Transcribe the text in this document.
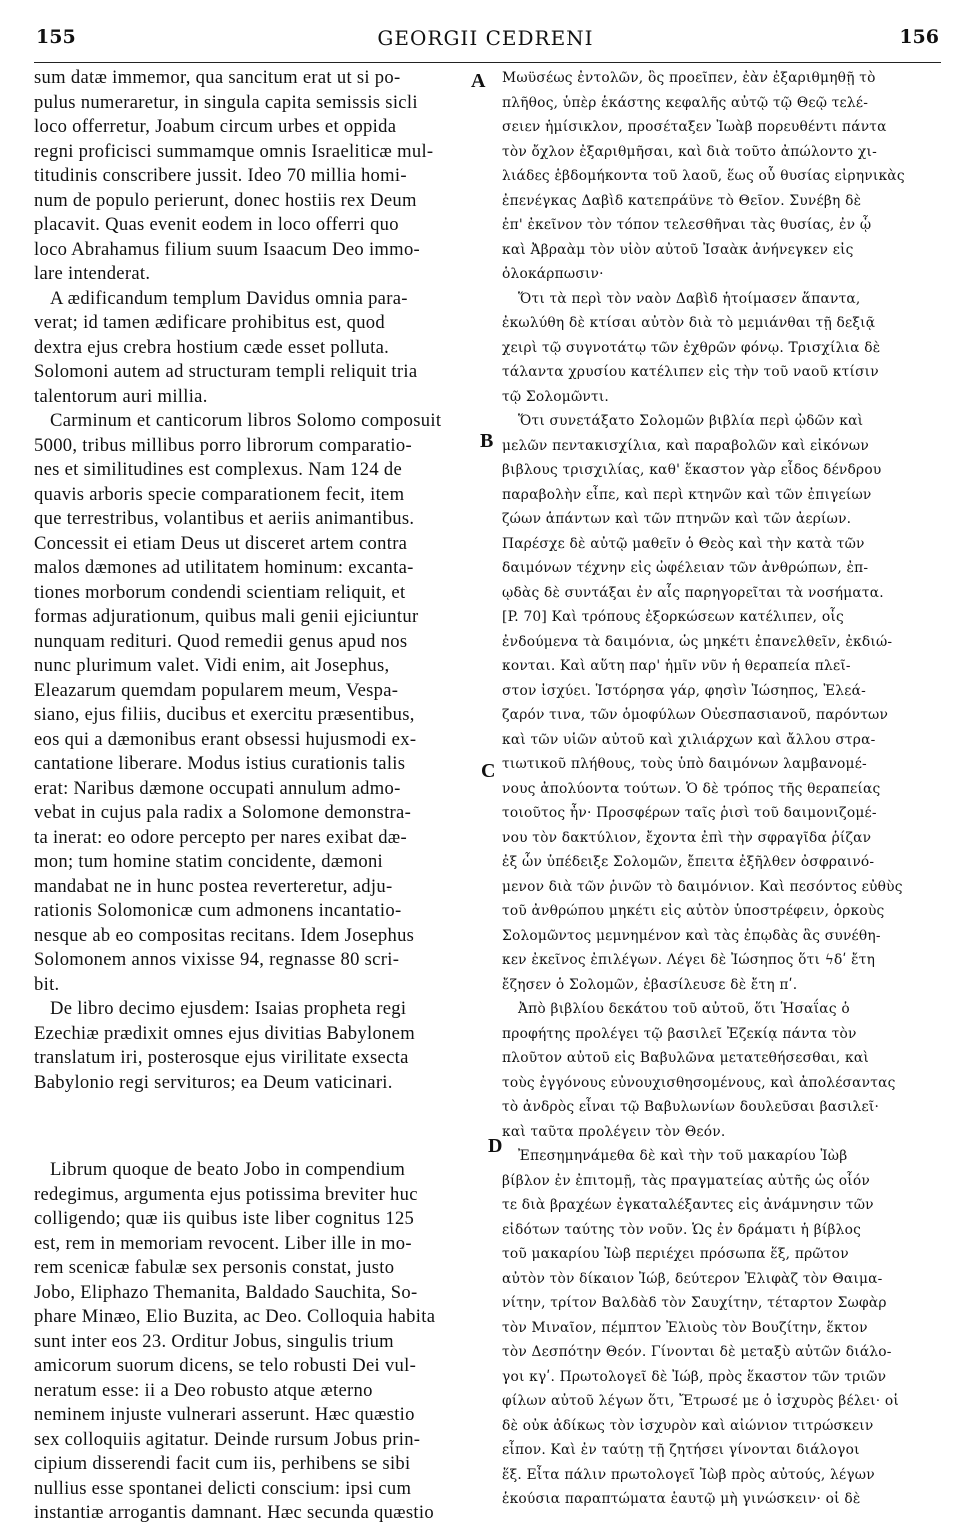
155	GEORGII CEDRENI	156
sum datæ immemor, qua sancitum erat ut si po-
pulus numeraretur, in singula capita semissis sicli
loco offerretur, Joabum circum urbes et oppida
regni proficisci summamque omnis Israeliticæ mul-
titudinis conscribere jussit. Ideo 70 millia homi-
num de populo perierunt, donec hostiis rex Deum
placavit. Quas evenit eodem in loco offerri quo
loco Abrahamus filium suum Isaacum Deo immo-
lare intenderat.
A ædificandum templum Davidus omnia para-
verat; id tamen ædificare prohibitus est, quod
dextra ejus crebra hostium cæde esset polluta.
Solomoni autem ad structuram templi reliquit tria
talentorum auri millia.
Carminum et canticorum libros Solomo composuit
5000, tribus millibus porro librorum comparatio-
nes et similitudines est complexus. Nam 124 de
quavis arboris specie comparationem fecit, item
que terrestribus, volantibus et aeriis animantibus.
Concessit ei etiam Deus ut disceret artem contra
malos dæmones ad utilitatem hominum: excanta-
tiones morborum condendi scientiam reliquit, et
formas adjurationum, quibus mali genii ejiciuntur
nunquam redituri. Quod remedii genus apud nos
nunc plurimum valet. Vidi enim, ait Josephus,
Eleazarum quemdam popularem meum, Vespa-
siano, ejus filiis, ducibus et exercitu præsentibus,
eos qui a dæmonibus erant obsessi hujusmodi ex-
cantatione liberare. Modus istius curationis talis
erat: Naribus dæmone occupati annulum admo-
vebat in cujus pala radix a Solomone demonstra-
ta inerat: eo odore percepto per nares exibat dæ-
mon; tum homine statim concidente, dæmoni
mandabat ne in hunc postea reverteretur, adju-
rationis Solomonicæ cum admonens incantatio-
nesque ab eo compositas recitans. Idem Josephus
Solomonem annos vixisse 94, regnasse 80 scri-
bit.
De libro decimo ejusdem: Isaias propheta regi
Ezechiæ prædixit omnes ejus divitias Babylonem
translatum iri, posterosque ejus virilitate exsecta
Babylonio regi servituros; ea Deum vaticinari.
Librum quoque de beato Jobo in compendium
redegimus, argumenta ejus potissima breviter huc
colligendo; quæ iis quibus iste liber cognitus 125
est, rem in memoriam revocent. Liber ille in mo-
rem scenicæ fabulæ sex personis constat, justo
Jobo, Eliphazo Themanita, Baldado Sauchita, So-
phare Minæo, Elio Buzita, ac Deo. Colloquia habita
sunt inter eos 23. Orditur Jobus, singulis trium
amicorum suorum dicens, se telo robusti Dei vul-
neratum esse: ii a Deo robusto atque æterno
neminem injuste vulnerari asserunt. Hæc quæstio
sex colloquiis agitatur. Deinde rursum Jobus prin-
cipium disserendi facit cum iis, perhibens se sibi
nullius esse spontanei delicti conscium: ipsi cum
instantiæ arrogantis damnant. Hæc secunda quæstio
Μωϋσέως ἐντολῶν, ὃς προεῖπεν, ἐὰν ἐξαριθμηθῇ τὸ
πλῆθος, ὑπὲρ ἑκάστης κεφαλῆς αὐτῷ τῷ Θεῷ τελέ-
σειεν ἡμίσικλον, προσέταξεν Ἰωὰβ πορευθέντι πάντα
τὸν ὄχλον ἐξαριθμῆσαι, καὶ διὰ τοῦτο ἀπώλοντο χι-
λιάδες ἑβδομήκοντα τοῦ λαοῦ, ἕως οὗ θυσίας εἰρηνικὰς
ἐπενέγκας Δαβὶδ κατεπράϋνε τὸ Θεῖον. Συνέβη δὲ
ἐπ' ἐκεῖνον τὸν τόπον τελεσθῆναι τὰς θυσίας, ἐν ᾧ
καὶ Ἀβραὰμ τὸν υἱὸν αὐτοῦ Ἰσαὰκ ἀνήνεγκεν εἰς
ὁλοκάρπωσιν·
Ὅτι τὰ περὶ τὸν ναὸν Δαβὶδ ἡτοίμασεν ἅπαντα,
ἐκωλύθη δὲ κτίσαι αὐτὸν διὰ τὸ μεμιάνθαι τῇ δεξιᾷ
χειρὶ τῷ συγνοτάτῳ τῶν ἐχθρῶν φόνῳ. Τρισχίλια δὲ
τάλαντα χρυσίου κατέλιπεν εἰς τὴν τοῦ ναοῦ κτίσιν
τῷ Σολομῶντι.
Ὅτι συνετάξατο Σολομῶν βιβλία περὶ ᾠδῶν καὶ
μελῶν πεντακισχίλια, καὶ παραβολῶν καὶ εἰκόνων
βιβλους τρισχιλίας, καθ' ἕκαστον γὰρ εἶδος δένδρου
παραβολὴν εἶπε, καὶ περὶ κτηνῶν καὶ τῶν ἐπιγείων
ζώων ἁπάντων καὶ τῶν πτηνῶν καὶ τῶν ἀερίων.
Παρέσχε δὲ αὐτῷ μαθεῖν ὁ Θεὸς καὶ τὴν κατὰ τῶν
δαιμόνων τέχνην εἰς ὠφέλειαν τῶν ἀνθρώπων, ἐπ-
ῳδὰς δὲ συντάξαι ἐν αἷς παρηγορεῖται τὰ νοσήματα.
[P. 70] Καὶ τρόπους ἐξορκώσεων κατέλιπεν, οἷς
ἐνδούμενα τὰ δαιμόνια, ὡς μηκέτι ἐπανελθεῖν, ἐκδιώ-
κονται. Καὶ αὕτη παρ' ἡμῖν νῦν ἡ θεραπεία πλεῖ-
στον ἰσχύει. Ἱστόρησα γάρ, φησὶν Ἰώσηπος, Ἐλεά-
ζαρόν τινα, τῶν ὁμοφύλων Οὐεσπασιανοῦ, παρόντων
καὶ τῶν υἱῶν αὐτοῦ καὶ χιλιάρχων καὶ ἄλλου στρα-
τιωτικοῦ πλήθους, τοὺς ὑπὸ δαιμόνων λαμβανομέ-
νους ἀπολύοντα τούτων. Ὁ δὲ τρόπος τῆς θεραπείας
τοιοῦτος ἦν· Προσφέρων ταῖς ῥισὶ τοῦ δαιμονιζομέ-
νου τὸν δακτύλιον, ἔχοντα ἐπὶ τὴν σφραγῖδα ῥίζαν
ἐξ ὧν ὑπέδειξε Σολομῶν, ἔπειτα ἐξῆλθεν ὀσφραινό-
μενον διὰ τῶν ῥινῶν τὸ δαιμόνιον. Καὶ πεσόντος εὐθὺς
τοῦ ἀνθρώπου μηκέτι εἰς αὐτὸν ὑποστρέφειν, ὁρκοὺς
Σολομῶντος μεμνημένον καὶ τὰς ἐπῳδὰς ἃς συνέθη-
κεν ἐκεῖνος ἐπιλέγων. Λέγει δὲ Ἰώσηπος ὅτι ϟδʹ ἔτη
ἔζησεν ὁ Σολομῶν, ἐβασίλευσε δὲ ἔτη πʹ.
Ἀπὸ βιβλίου δεκάτου τοῦ αὐτοῦ, ὅτι Ἡσαΐας ὁ
προφήτης προλέγει τῷ βασιλεῖ Ἐζεκίᾳ πάντα τὸν
πλοῦτον αὐτοῦ εἰς Βαβυλῶνα μετατεθήσεσθαι, καὶ
τοὺς ἐγγόνους εὐνουχισθησομένους, καὶ ἀπολέσαντας
τὸ ἀνδρὸς εἶναι τῷ Βαβυλωνίων δουλεῦσαι βασιλεῖ·
καὶ ταῦτα προλέγειν τὸν Θεόν.
Ἐπεσημηνάμεθα δὲ καὶ τὴν τοῦ μακαρίου Ἰὼβ
βίβλον ἐν ἐπιτομῇ, τὰς πραγματείας αὐτῆς ὡς οἷόν
τε διὰ βραχέων ἐγκαταλέξαντες εἰς ἀνάμνησιν τῶν
εἰδότων ταύτης τὸν νοῦν. Ὡς ἐν δράματι ἡ βίβλος
τοῦ μακαρίου Ἰὼβ περιέχει πρόσωπα ἕξ, πρῶτον
αὐτὸν τὸν δίκαιον Ἰώβ, δεύτερον Ἐλιφὰζ τὸν Θαιμα-
νίτην, τρίτον Βαλδὰδ τὸν Σαυχίτην, τέταρτον Σωφὰρ
τὸν Μιναῖον, πέμπτον Ἐλιοὺς τὸν Βουζίτην, ἕκτον
τὸν Δεσπότην Θεόν. Γίνονται δὲ μεταξὺ αὐτῶν διάλο-
γοι κγʹ. Πρωτολογεῖ δὲ Ἰώβ, πρὸς ἕκαστον τῶν τριῶν
φίλων αὐτοῦ λέγων ὅτι, Ἔτρωσέ με ὁ ἰσχυρὸς βέλει· οἱ
δὲ οὐκ ἀδίκως τὸν ἰσχυρὸν καὶ αἰώνιον τιτρώσκειν
εἶπον. Καὶ ἐν ταύτῃ τῇ ζητήσει γίνονται διάλογοι
ἕξ. Εἶτα πάλιν πρωτολογεῖ Ἰὼβ πρὸς αὐτούς, λέγων
ἑκούσια παραπτώματα ἑαυτῷ μὴ γινώσκειν· οἱ δὲ
A
B
C
D
